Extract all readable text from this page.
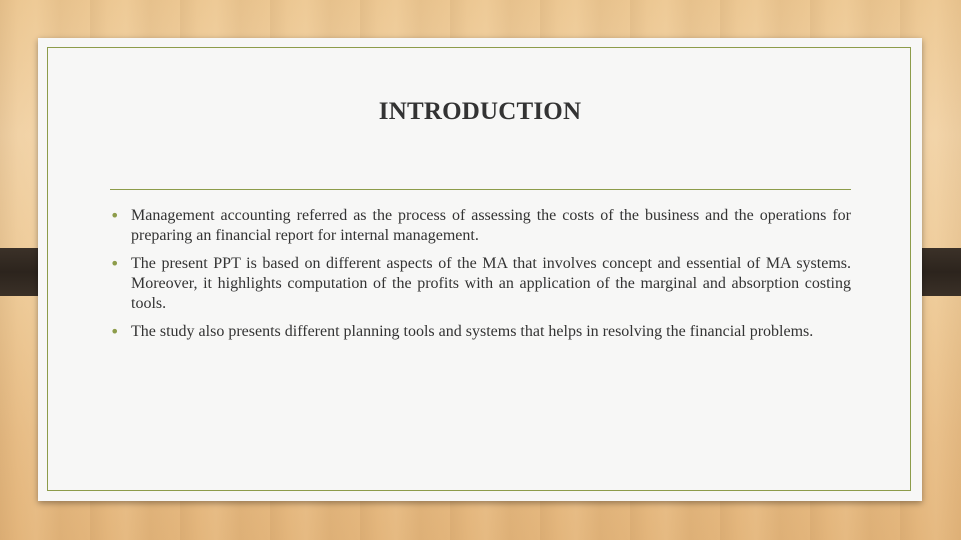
INTRODUCTION
• Management accounting referred as the process of assessing the costs of the business and the operations for preparing an financial report for internal management.
• The present PPT is based on different aspects of the MA that involves concept and essential of MA systems. Moreover, it highlights computation of the profits with an application of the marginal and absorption costing tools.
• The study also presents different planning tools and systems that helps in resolving the financial problems.
